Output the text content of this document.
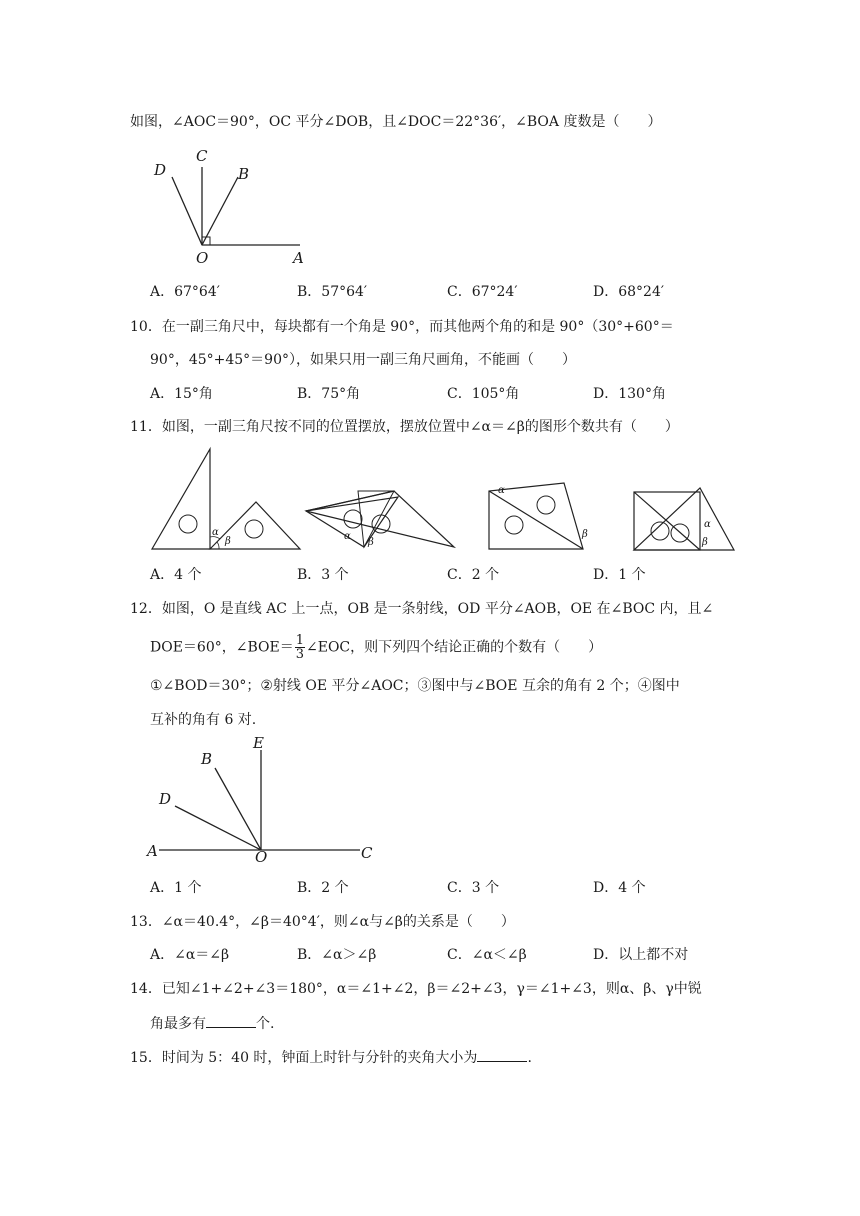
如图，∠AOC＝90°，OC 平分∠DOB，且∠DOC＝22°36′，∠BOA 度数是（　　）
D
C
B
O	A
A．67°64′	B．57°64′	C．67°24′	D．68°24′
10．在一副三角尺中，每块都有一个角是 90°，而其他两个角的和是 90°（30°+60°＝
90°，45°+45°＝90°），如果只用一副三角尺画角，不能画（　　）
A．15°角	B．75°角	C．105°角	D．130°角
11．如图，一副三角尺按不同的位置摆放，摆放位置中∠α＝∠β的图形个数共有（　　）
α
β	α
β
α
β
α
β
A．4 个	B．3 个	C．2 个	D．1 个
12．如图，O 是直线 AC 上一点，OB 是一条射线，OD 平分∠AOB，OE 在∠BOC 内，且∠
DOE＝60°，∠BOE＝ $\frac{1}{3}$ ∠EOC，则下列四个结论正确的个数有（　　）
①∠BOD＝30°；②射线 OE 平分∠AOC；③图中与∠BOE 互余的角有 2 个；④图中
互补的角有 6 对.
E
B
D
A	O	C
A．1 个	B．2 个	C．3 个	D．4 个
13．∠α＝40.4°，∠β＝40°4′，则∠α与∠β的关系是（　　）
A．∠α＝∠β	B．∠α＞∠β	C．∠α＜∠β	D．以上都不对
14．已知∠1+∠2+∠3＝180°，α＝∠1+∠2，β＝∠2+∠3，γ＝∠1+∠3，则α、β、γ中锐
角最多有	个.
15．时间为 5：40 时，钟面上时针与分针的夹角大小为	.
